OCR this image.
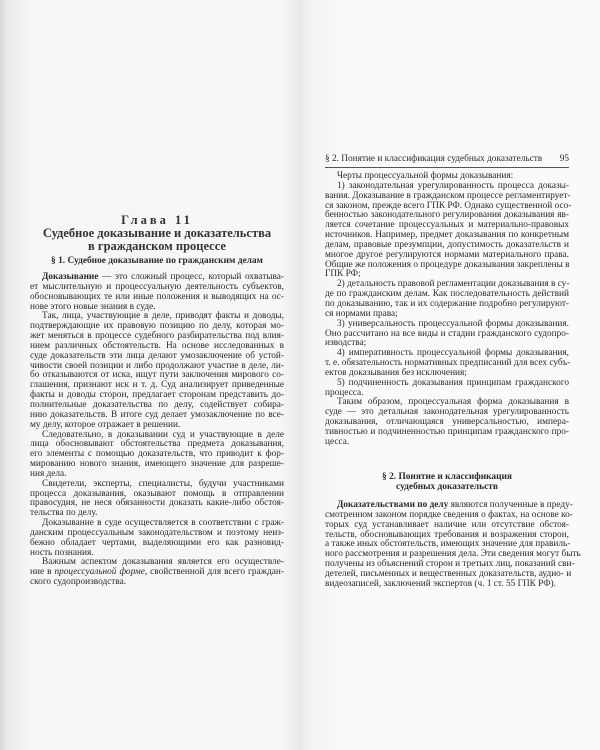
Глава 11
Судебное доказывание и доказательства
в гражданском процессе
§ 1. Судебное доказывание по гражданским делам
Доказывание — это сложный процесс, который охватыва-
ет мыслительную и процессуальную деятельность субъектов,
обосновывающих те или иные положения и выводящих на ос-
нове этого новые знания в суде.
Так, лица, участвующие в деле, приводят факты и доводы,
подтверждающие их правовую позицию по делу, которая мо-
жет меняться в процессе судебного разбирательства под влия-
нием различных обстоятельств. На основе исследованных в
суде доказательств эти лица делают умозаключение об устой-
чивости своей позиции и либо продолжают участие в деле, ли-
бо отказываются от иска, ищут пути заключения мирового со-
глашения, признают иск и т. д. Суд анализирует приведенные
факты и доводы сторон, предлагает сторонам представить до-
полнительные доказательства по делу, содействует собира-
нию доказательств. В итоге суд делает умозаключение по все-
му делу, которое отражает в решении.
Следовательно, в доказывании суд и участвующие в деле
лица обосновывают обстоятельства предмета доказывания,
его элементы с помощью доказательств, что приводит к фор-
мированию нового знания, имеющего значение для разреше-
ния дела.
Свидетели, эксперты, специалисты, будучи участниками
процесса доказывания, оказывают помощь в отправлении
правосудия, не неся обязанности доказать какие-либо обстоя-
тельства по делу.
Доказывание в суде осуществляется в соответствии с граж-
данским процессуальным законодательством и поэтому неиз-
бежно обладает чертами, выделяющими его как разновид-
ность познания.
Важным аспектом доказывания является его осуществле-
ние в процессуальной форме, свойственной для всего граждан-
ского судопроизводства.
§ 2. Понятие и классификация судебных доказательств 95
Черты процессуальной формы доказывания:
1) законодательная урегулированность процесса доказы-
вания. Доказывание в гражданском процессе регламентирует-
ся законом, прежде всего ГПК РФ. Однако существенной осо-
бенностью законодательного регулирования доказывания яв-
ляется сочетание процессуальных и материально-правовых
источников. Например, предмет доказывания по конкретным
делам, правовые презумпции, допустимость доказательств и
многое другое регулируются нормами материального права.
Общие же положения о процедуре доказывания закреплены в
ГПК РФ;
2) детальность правовой регламентации доказывания в су-
де по гражданским делам. Как последовательность действий
по доказыванию, так и их содержание подробно регулируют-
ся нормами права;
3) универсальность процессуальной формы доказывания.
Оно рассчитано на все виды и стадии гражданского судопро-
изводства;
4) императивность процессуальной формы доказывания,
т. е. обязательность нормативных предписаний для всех субъ-
ектов доказывания без исключения;
5) подчиненность доказывания принципам гражданского
процесса.
Таким образом, процессуальная форма доказывания в
суде — это детальная законодательная урегулированность
доказывания, отличающаяся универсальностью, импера-
тивностью и подчиненностью принципам гражданского про-
цесса.
§ 2. Понятие и классификация
судебных доказательств
Доказательствами по делу являются полученные в преду-
смотренном законом порядке сведения о фактах, на основе ко-
торых суд устанавливает наличие или отсутствие обстоя-
тельств, обосновывающих требования и возражения сторон,
а также иных обстоятельств, имеющих значение для правиль-
ного рассмотрения и разрешения дела. Эти сведения могут быть
получены из объяснений сторон и третьих лиц, показаний сви-
детелей, письменных и вещественных доказательств, аудио- и
видеозаписей, заключений экспертов (ч. 1 ст. 55 ГПК РФ).
